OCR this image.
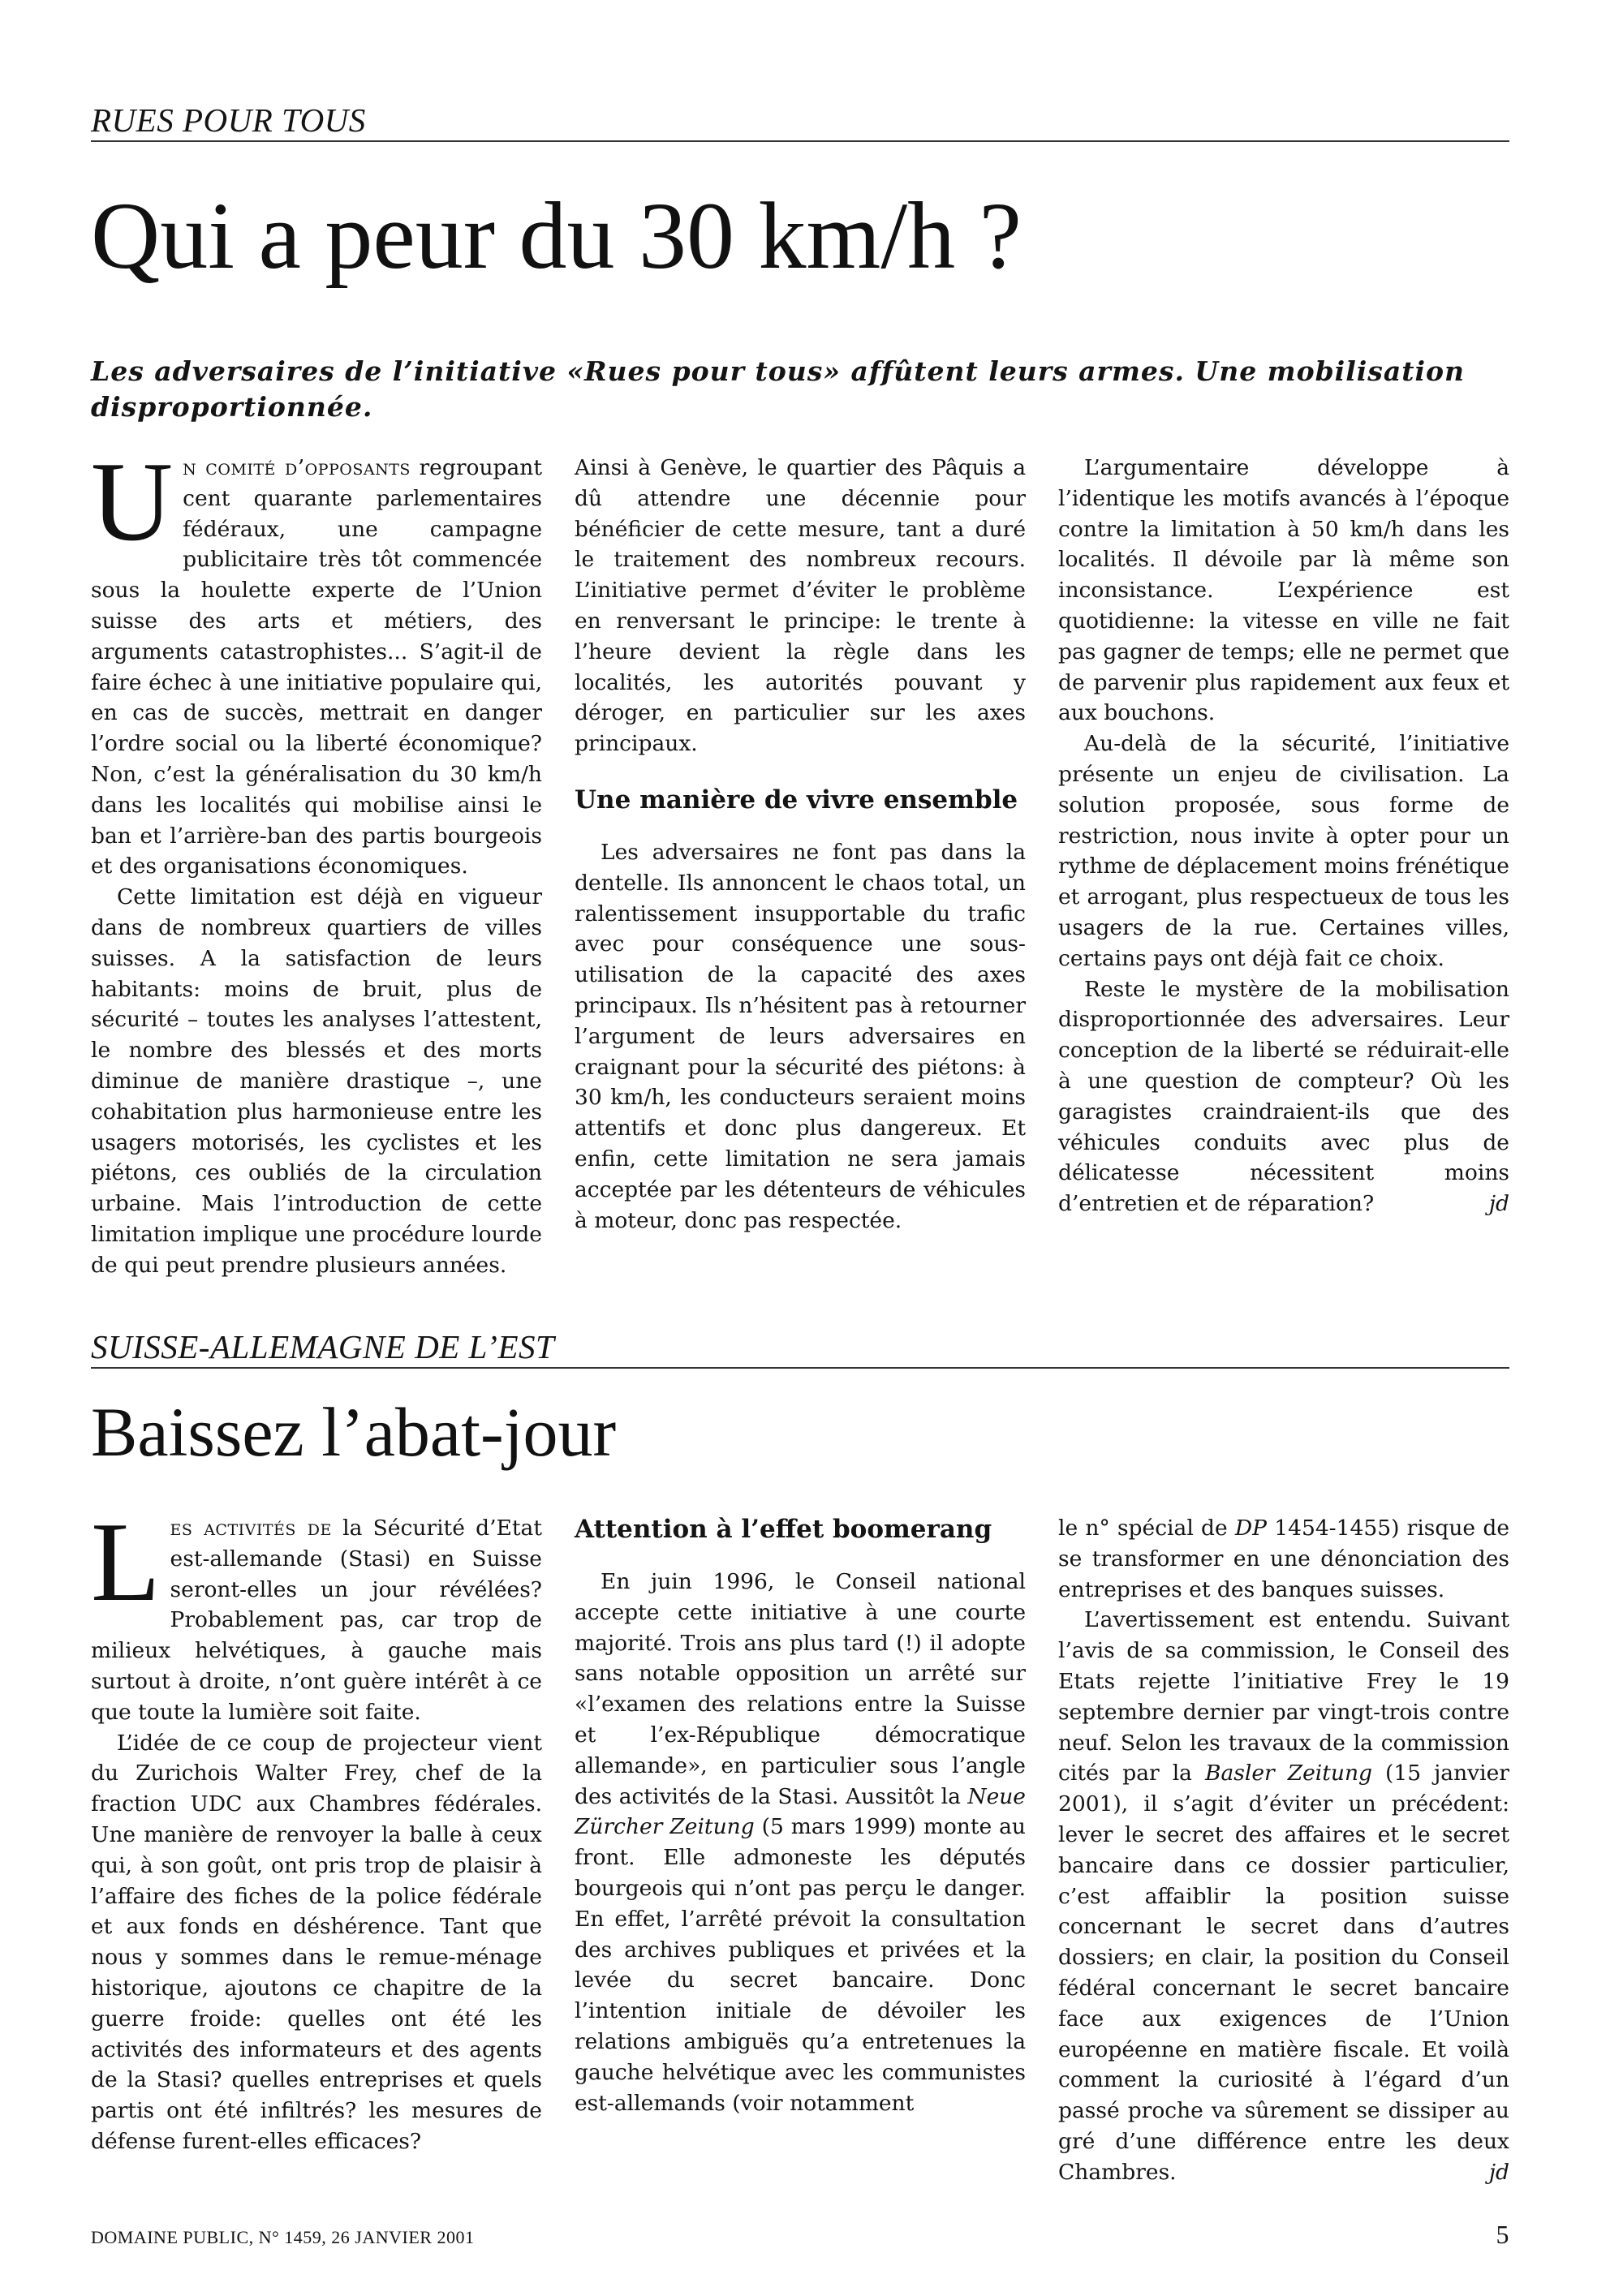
RUES POUR TOUS
Qui a peur du 30 km/h ?
Les adversaires de l’initiative «Rues pour tous» affûtent leurs armes. Une mobilisation disproportionnée.

Un comité d’opposants regroupant cent quarante parlementaires fédéraux, une campagne publicitaire très tôt commencée sous la houlette experte de l’Union suisse des arts et métiers, des arguments catastrophistes... S’agit-il de faire échec à une initiative populaire qui, en cas de succès, mettrait en danger l’ordre social ou la liberté économique? Non, c’est la généralisation du 30 km/h dans les localités qui mobilise ainsi le ban et l’arrière-ban des partis bourgeois et des organisations économiques.

Cette limitation est déjà en vigueur dans de nombreux quartiers de villes suisses. A la satisfaction de leurs habitants: moins de bruit, plus de sécurité – toutes les analyses l’attestent, le nombre des blessés et des morts diminue de manière drastique –, une cohabitation plus harmonieuse entre les usagers motorisés, les cyclistes et les piétons, ces oubliés de la circulation urbaine. Mais l’introduction de cette limitation implique une procédure lourde de qui peut prendre plusieurs années.

Ainsi à Genève, le quartier des Pâquis a dû attendre une décennie pour bénéficier de cette mesure, tant a duré le traitement des nombreux recours. L’initiative permet d’éviter le problème en renversant le principe: le trente à l’heure devient la règle dans les localités, les autorités pouvant y déroger, en particulier sur les axes principaux.

Une manière de vivre ensemble

Les adversaires ne font pas dans la dentelle. Ils annoncent le chaos total, un ralentissement insupportable du trafic avec pour conséquence une sous-utilisation de la capacité des axes principaux. Ils n’hésitent pas à retourner l’argument de leurs adversaires en craignant pour la sécurité des piétons: à 30 km/h, les conducteurs seraient moins attentifs et donc plus dangereux. Et enfin, cette limitation ne sera jamais acceptée par les détenteurs de véhicules à moteur, donc pas respectée.

L’argumentaire développe à l’identique les motifs avancés à l’époque contre la limitation à 50 km/h dans les localités. Il dévoile par là même son inconsistance. L’expérience est quotidienne: la vitesse en ville ne fait pas gagner de temps; elle ne permet que de parvenir plus rapidement aux feux et aux bouchons.

Au-delà de la sécurité, l’initiative présente un enjeu de civilisation. La solution proposée, sous forme de restriction, nous invite à opter pour un rythme de déplacement moins frénétique et arrogant, plus respectueux de tous les usagers de la rue. Certaines villes, certains pays ont déjà fait ce choix.

Reste le mystère de la mobilisation disproportionnée des adversaires. Leur conception de la liberté se réduirait-elle à une question de compteur? Où les garagistes craindraient-ils que des véhicules conduits avec plus de délicatesse nécessitent moins d’entretien et de réparation?	jd

SUISSE-ALLEMAGNE DE L’EST
Baissez l’abat-jour

Les activités de la Sécurité d’Etat est-allemande (Stasi) en Suisse seront-elles un jour révélées? Probablement pas, car trop de milieux helvétiques, à gauche mais surtout à droite, n’ont guère intérêt à ce que toute la lumière soit faite.

L’idée de ce coup de projecteur vient du Zurichois Walter Frey, chef de la fraction UDC aux Chambres fédérales. Une manière de renvoyer la balle à ceux qui, à son goût, ont pris trop de plaisir à l’affaire des fiches de la police fédérale et aux fonds en déshérence. Tant que nous y sommes dans le remue-ménage historique, ajoutons ce chapitre de la guerre froide: quelles ont été les activités des informateurs et des agents de la Stasi? quelles entreprises et quels partis ont été infiltrés? les mesures de défense furent-elles efficaces?

Attention à l’effet boomerang

En juin 1996, le Conseil national accepte cette initiative à une courte majorité. Trois ans plus tard (!) il adopte sans notable opposition un arrêté sur «l’examen des relations entre la Suisse et l’ex-République démocratique allemande», en particulier sous l’angle des activités de la Stasi. Aussitôt la Neue Zürcher Zeitung (5 mars 1999) monte au front. Elle admoneste les députés bourgeois qui n’ont pas perçu le danger. En effet, l’arrêté prévoit la consultation des archives publiques et privées et la levée du secret bancaire. Donc l’intention initiale de dévoiler les relations ambiguës qu’a entretenues la gauche helvétique avec les communistes est-allemands (voir notamment

le n° spécial de DP 1454-1455) risque de se transformer en une dénonciation des entreprises et des banques suisses.

L’avertissement est entendu. Suivant l’avis de sa commission, le Conseil des Etats rejette l’initiative Frey le 19 septembre dernier par vingt-trois contre neuf. Selon les travaux de la commission cités par la Basler Zeitung (15 janvier 2001), il s’agit d’éviter un précédent: lever le secret des affaires et le secret bancaire dans ce dossier particulier, c’est affaiblir la position suisse concernant le secret dans d’autres dossiers; en clair, la position du Conseil fédéral concernant le secret bancaire face aux exigences de l’Union européenne en matière fiscale. Et voilà comment la curiosité à l’égard d’un passé proche va sûrement se dissiper au gré d’une différence entre les deux Chambres.	jd

DOMAINE PUBLIC, N° 1459, 26 JANVIER 2001	5
